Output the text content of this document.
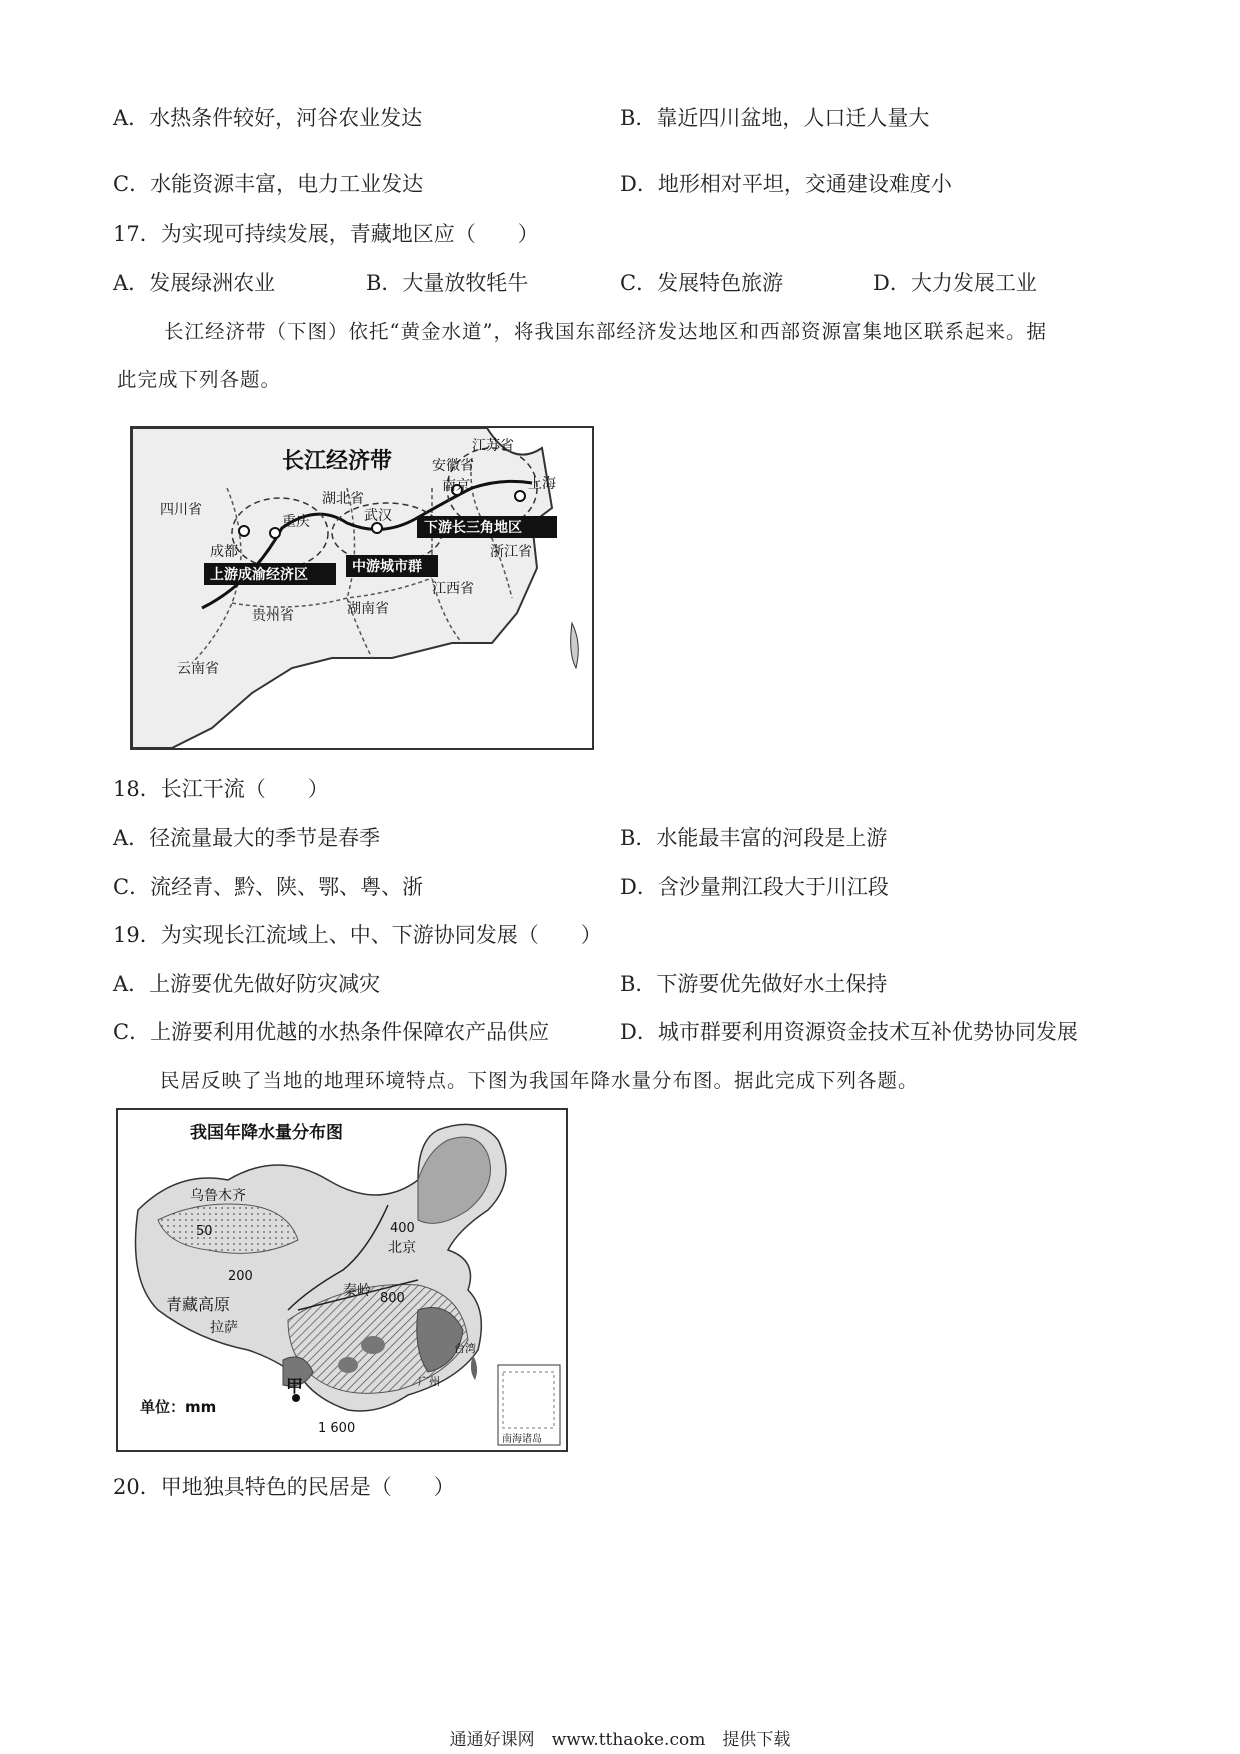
A．水热条件较好，河谷农业发达	B．靠近四川盆地，人口迁人量大
C．水能资源丰富，电力工业发达	D．地形相对平坦，交通建设难度小
17．为实现可持续发展，青藏地区应（　　）
A．发展绿洲农业	B．大量放牧牦牛	C．发展特色旅游	D．大力发展工业
长江经济带（下图）依托“黄金水道”，将我国东部经济发达地区和西部资源富集地区联系起来。据
此完成下列各题。
长江经济带
江苏省
安徽省
南京	上海
四川省
湖北省
成都
重庆	武汉
浙江省
贵州省	湖南省
江西省
云南省
下游长三角地区
上游成渝经济区	中游城市群
18．长江干流（　　）
A．径流量最大的季节是春季	B．水能最丰富的河段是上游
C．流经青、黔、陕、鄂、粤、浙	D．含沙量荆江段大于川江段
19．为实现长江流域上、中、下游协同发展（　　）
A．上游要优先做好防灾减灾	B．下游要优先做好水土保持
C．上游要利用优越的水热条件保障农产品供应	D．城市群要利用资源资金技术互补优势协同发展
民居反映了当地的地理环境特点。下图为我国年降水量分布图。据此完成下列各题。
我国年降水量分布图
乌鲁木齐
50	400
北京
200
秦岭 800
青藏高原
拉萨
甲
单位：mm
1 600
广州
台湾
南海诸岛
20．甲地独具特色的民居是（　　）
通通好课网　www.tthaoke.com　提供下载
